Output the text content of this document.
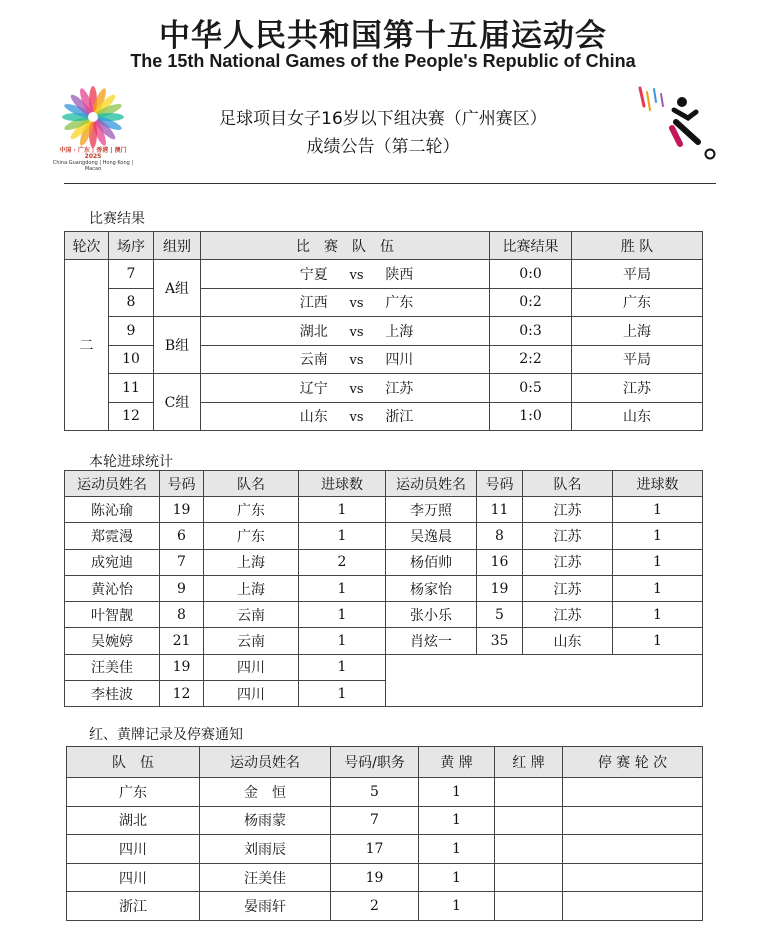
中华人民共和国第十五届运动会
The 15th National Games of the People's Republic of China
中国 · 广东 | 香港 | 澳门 2025
China·Guangdong | Hong Kong | Macao
足球项目女子16岁以下组决赛（广州赛区）
成绩公告（第二轮）
比赛结果
轮次	场序	组别	比　赛　队　伍	比赛结果	胜 队
二	7	A组	宁夏 vs 陕西	0:0	平局
	8		江西 vs 广东	0:2	广东
	9	B组	湖北 vs 上海	0:3	上海
	10		云南 vs 四川	2:2	平局
	11	C组	辽宁 vs 江苏	0:5	江苏
	12		山东 vs 浙江	1:0	山东
本轮进球统计
运动员姓名	号码	队名	进球数	运动员姓名	号码	队名	进球数
陈沁瑜	19	广东	1	李万照	11	江苏	1
郑霓漫	6	广东	1	吴逸晨	8	江苏	1
成宛迪	7	上海	2	杨佰帅	16	江苏	1
黄沁怡	9	上海	1	杨家怡	19	江苏	1
叶智靓	8	云南	1	张小乐	5	江苏	1
吴婉婷	21	云南	1	肖炫一	35	山东	1
汪美佳	19	四川	1				
李桂波	12	四川	1				
红、黄牌记录及停赛通知
队　伍	运动员姓名	号码/职务	黄 牌	红 牌	停 赛 轮 次
广东	金　恒	5	1		
湖北	杨雨蒙	7	1		
四川	刘雨辰	17	1		
四川	汪美佳	19	1		
浙江	晏雨轩	2	1		
